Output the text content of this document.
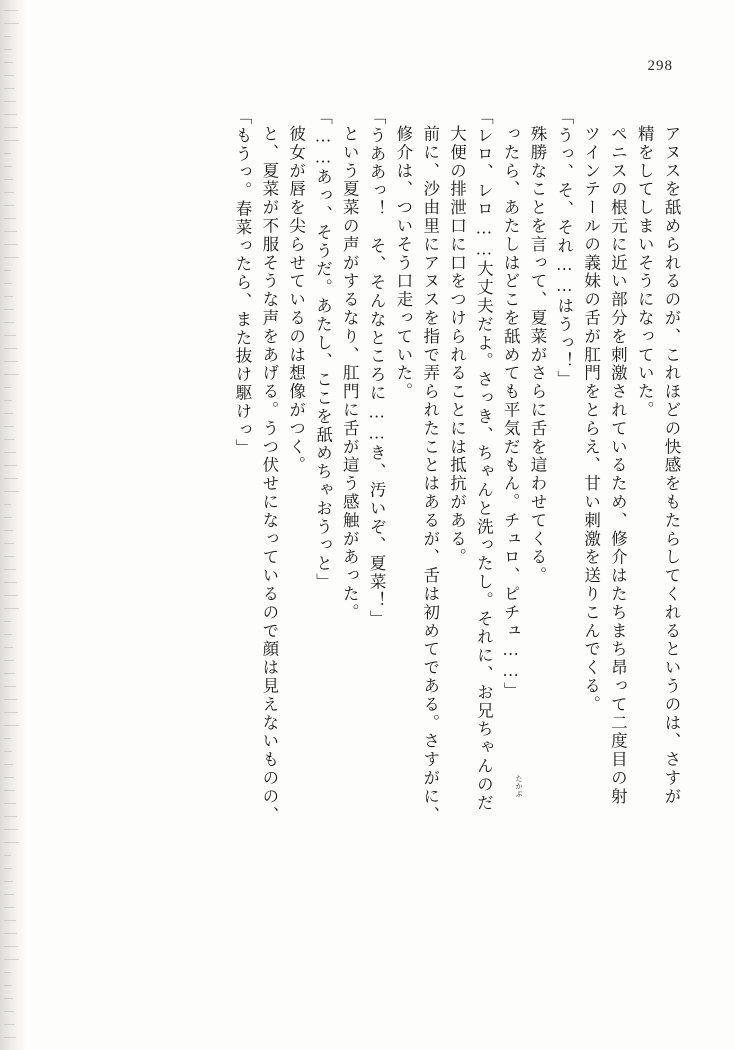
298
「もうっ。春菜ったら、また抜け駆けっ」 と、夏菜が不服そうな声をあげる。うつ伏せになっているので顔は見えないものの、 彼女が唇を尖らせているのは想像がつく。 「……あっ、そうだ。あたし、ここを舐めちゃおうっと」 という夏菜の声がするなり、肛門に舌が這う感触があった。 「うああっ！　そ、そんなところに……き、汚いぞ、夏菜！」 修介は、ついそう口走っていた。 前に、沙由里にアヌスを指で弄られたことはあるが、舌は初めてである。さすがに、 大便の排泄口に口をつけられることには抵抗がある。 「レロ、レロ……大丈夫だよ。さっき、ちゃんと洗ったし。それに、お兄ちゃんのだ ったら、あたしはどこを舐めても平気だもん。チュロ、ピチュ……」 殊勝なことを言って、夏菜がさらに舌を這わせてくる。 「うっ、そ、それ……はうっ！」 ツインテールの義妹の舌が肛門をとらえ、甘い刺激を送りこんでくる。 ペニスの根元に近い部分を刺激されているため、修介はたちまち昂って二度目の射 精をしてしまいそうになっていた。 アヌスを舐められるのが、これほどの快感をもたらしてくれるというのは、さすが
たかぶ
